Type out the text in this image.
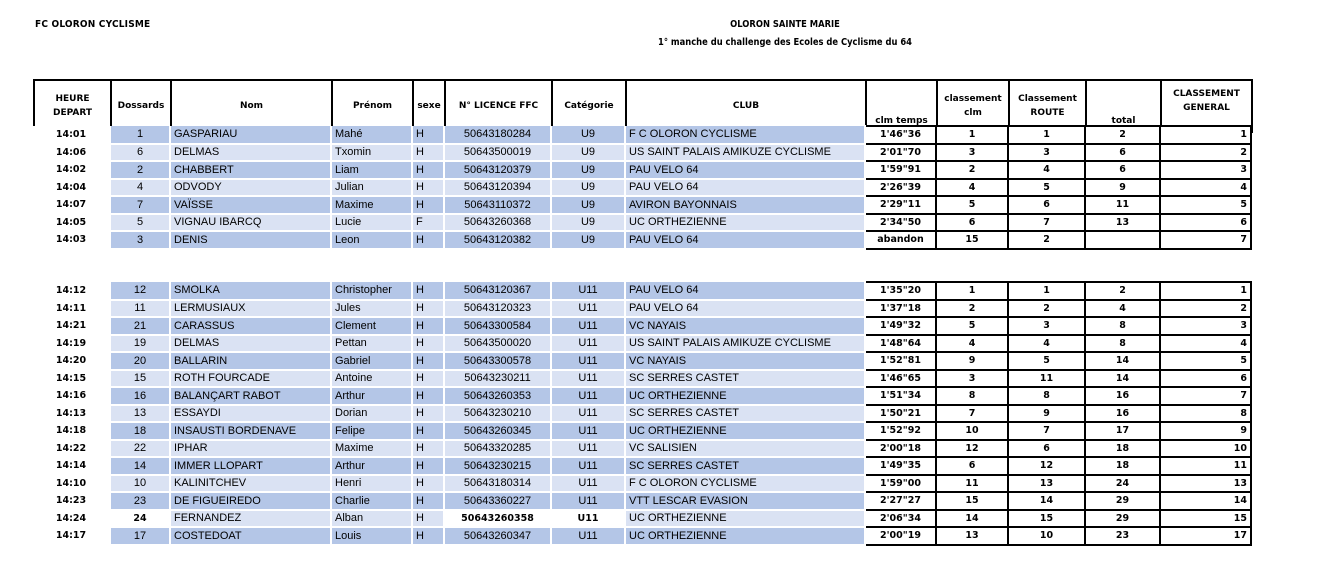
FC OLORON CYCLISME	OLORON SAINTE MARIE
1° manche du challenge des Ecoles de Cyclisme du 64
HEURE DEPART	Dossards	Nom	Prénom	sexe	N° LICENCE FFC	Catégorie	CLUB	clm temps	classement clm	Classement ROUTE	total	CLASSEMENT GENERAL
14:01	1	GASPARIAU	Mahé	H	50643180284	U9	F C OLORON CYCLISME	1'46"36	1	1	2	1
14:06	6	DELMAS	Txomin	H	50643500019	U9	US SAINT PALAIS AMIKUZE CYCLISME	2'01"70	3	3	6	2
14:02	2	CHABBERT	Liam	H	50643120379	U9	PAU VELO 64	1'59"91	2	4	6	3
14:04	4	ODVODY	Julian	H	50643120394	U9	PAU VELO 64	2'26"39	4	5	9	4
14:07	7	VAÏSSE	Maxime	H	50643110372	U9	AVIRON BAYONNAIS	2'29"11	5	6	11	5
14:05	5	VIGNAU IBARCQ	Lucie	F	50643260368	U9	UC ORTHEZIENNE	2'34"50	6	7	13	6
14:03	3	DENIS	Leon	H	50643120382	U9	PAU VELO 64	abandon	15	2		7
14:12	12	SMOLKA	Christopher	H	50643120367	U11	PAU VELO 64	1'35"20	1	1	2	1
14:11	11	LERMUSIAUX	Jules	H	50643120323	U11	PAU VELO 64	1'37"18	2	2	4	2
14:21	21	CARASSUS	Clement	H	50643300584	U11	VC NAYAIS	1'49"32	5	3	8	3
14:19	19	DELMAS	Pettan	H	50643500020	U11	US SAINT PALAIS AMIKUZE CYCLISME	1'48"64	4	4	8	4
14:20	20	BALLARIN	Gabriel	H	50643300578	U11	VC NAYAIS	1'52"81	9	5	14	5
14:15	15	ROTH FOURCADE	Antoine	H	50643230211	U11	SC SERRES CASTET	1'46"65	3	11	14	6
14:16	16	BALANÇART RABOT	Arthur	H	50643260353	U11	UC ORTHEZIENNE	1'51"34	8	8	16	7
14:13	13	ESSAYDI	Dorian	H	50643230210	U11	SC SERRES CASTET	1'50"21	7	9	16	8
14:18	18	INSAUSTI BORDENAVE	Felipe	H	50643260345	U11	UC ORTHEZIENNE	1'52"92	10	7	17	9
14:22	22	IPHAR	Maxime	H	50643320285	U11	VC SALISIEN	2'00"18	12	6	18	10
14:14	14	IMMER LLOPART	Arthur	H	50643230215	U11	SC SERRES CASTET	1'49"35	6	12	18	11
14:10	10	KALINITCHEV	Henri	H	50643180314	U11	F C OLORON CYCLISME	1'59"00	11	13	24	13
14:23	23	DE FIGUEIREDO	Charlie	H	50643360227	U11	VTT LESCAR EVASION	2'27"27	15	14	29	14
14:24	24	FERNANDEZ	Alban	H	50643260358	U11	UC ORTHEZIENNE	2'06"34	14	15	29	15
14:17	17	COSTEDOAT	Louis	H	50643260347	U11	UC ORTHEZIENNE	2'00"19	13	10	23	17
